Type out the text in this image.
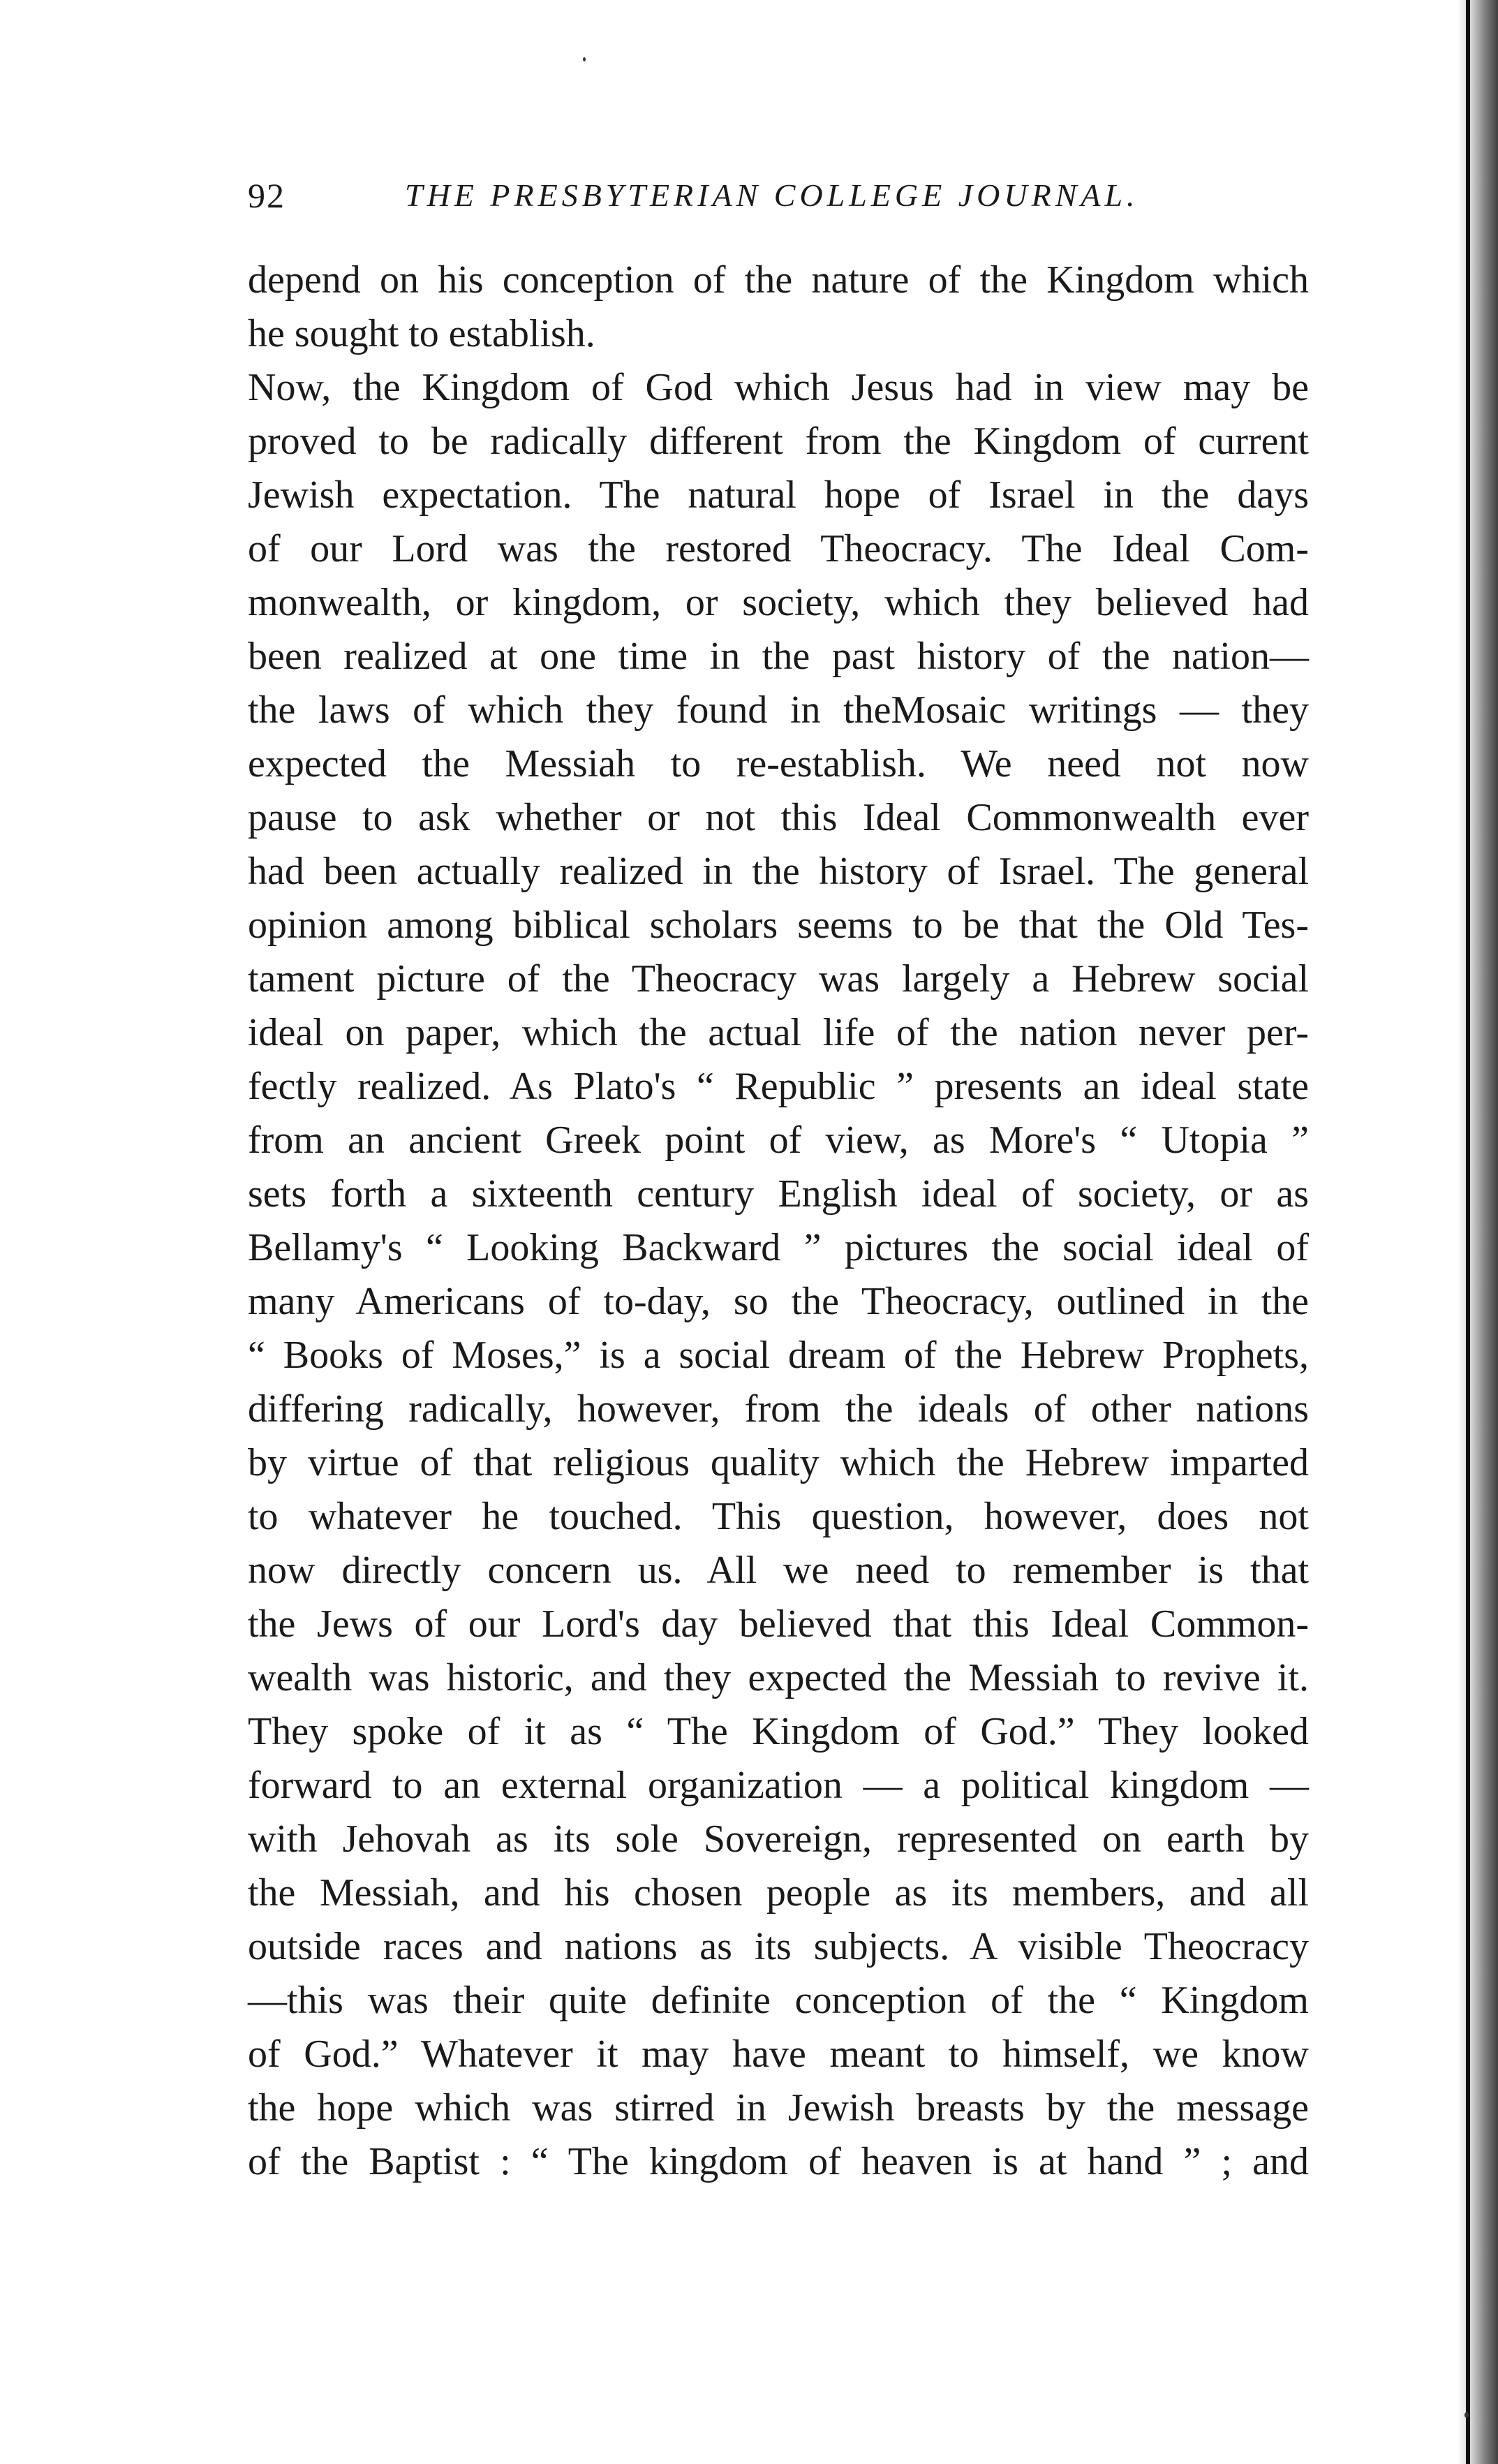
92	THE PRESBYTERIAN COLLEGE JOURNAL.
depend on his conception of the nature of the Kingdom which
he sought to establish.
Now, the Kingdom of God which Jesus had in view may be
proved to be radically different from the Kingdom of current
Jewish expectation. The natural hope of Israel in the days
of our Lord was the restored Theocracy. The Ideal Com-
monwealth, or kingdom, or society, which they believed had
been realized at one time in the past history of the nation—
the laws of which they found in theMosaic writings — they
expected the Messiah to re-establish. We need not now
pause to ask whether or not this Ideal Commonwealth ever
had been actually realized in the history of Israel. The general
opinion among biblical scholars seems to be that the Old Tes-
tament picture of the Theocracy was largely a Hebrew social
ideal on paper, which the actual life of the nation never per-
fectly realized. As Plato's “ Republic ” presents an ideal state
from an ancient Greek point of view, as More's “ Utopia ”
sets forth a sixteenth century English ideal of society, or as
Bellamy's “ Looking Backward ” pictures the social ideal of
many Americans of to-day, so the Theocracy, outlined in the
“ Books of Moses,” is a social dream of the Hebrew Prophets,
differing radically, however, from the ideals of other nations
by virtue of that religious quality which the Hebrew imparted
to whatever he touched. This question, however, does not
now directly concern us. All we need to remember is that
the Jews of our Lord's day believed that this Ideal Common-
wealth was historic, and they expected the Messiah to revive it.
They spoke of it as “ The Kingdom of God.” They looked
forward to an external organization — a political kingdom —
with Jehovah as its sole Sovereign, represented on earth by
the Messiah, and his chosen people as its members, and all
outside races and nations as its subjects. A visible Theocracy
—this was their quite definite conception of the “ Kingdom
of God.” Whatever it may have meant to himself, we know
the hope which was stirred in Jewish breasts by the message
of the Baptist : “ The kingdom of heaven is at hand ” ; and
